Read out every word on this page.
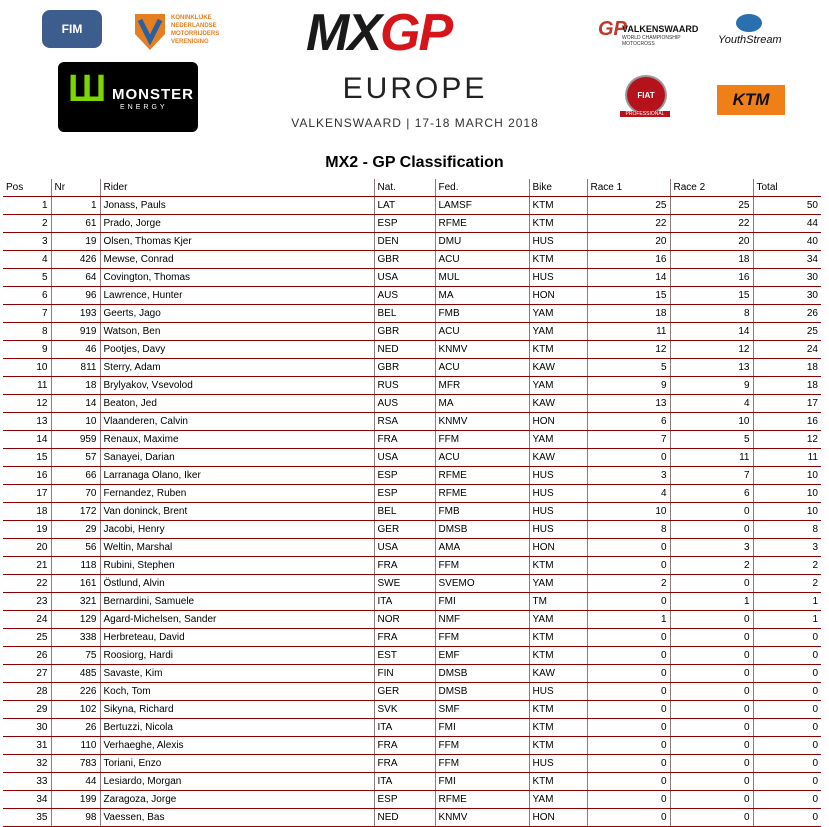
FIM
KONINKLIJKE NEDERLANDSE MOTORRIJDERS VERENIGING
Ш MONSTER
ENERGY
MXGP
EUROPE
VALKENSWAARD | 17-18 MARCH 2018
GP
VALKENSWAARD
WORLD CHAMPIONSHIP MOTOCROSS	YouthStream
FIAT
PROFESSIONAL
KTM
MX2 - GP Classification
Pos	Nr	Rider	Nat.	Fed.	Bike	Race 1	Race 2	Total
1	1	Jonass, Pauls	LAT	LAMSF	KTM	25	25	50
2	61	Prado, Jorge	ESP	RFME	KTM	22	22	44
3	19	Olsen, Thomas Kjer	DEN	DMU	HUS	20	20	40
4	426	Mewse, Conrad	GBR	ACU	KTM	16	18	34
5	64	Covington, Thomas	USA	MUL	HUS	14	16	30
6	96	Lawrence, Hunter	AUS	MA	HON	15	15	30
7	193	Geerts, Jago	BEL	FMB	YAM	18	8	26
8	919	Watson, Ben	GBR	ACU	YAM	11	14	25
9	46	Pootjes, Davy	NED	KNMV	KTM	12	12	24
10	811	Sterry, Adam	GBR	ACU	KAW	5	13	18
11	18	Brylyakov, Vsevolod	RUS	MFR	YAM	9	9	18
12	14	Beaton, Jed	AUS	MA	KAW	13	4	17
13	10	Vlaanderen, Calvin	RSA	KNMV	HON	6	10	16
14	959	Renaux, Maxime	FRA	FFM	YAM	7	5	12
15	57	Sanayei, Darian	USA	ACU	KAW	0	11	11
16	66	Larranaga Olano, Iker	ESP	RFME	HUS	3	7	10
17	70	Fernandez, Ruben	ESP	RFME	HUS	4	6	10
18	172	Van doninck, Brent	BEL	FMB	HUS	10	0	10
19	29	Jacobi, Henry	GER	DMSB	HUS	8	0	8
20	56	Weltin, Marshal	USA	AMA	HON	0	3	3
21	118	Rubini, Stephen	FRA	FFM	KTM	0	2	2
22	161	Östlund, Alvin	SWE	SVEMO	YAM	2	0	2
23	321	Bernardini, Samuele	ITA	FMI	TM	0	1	1
24	129	Agard-Michelsen, Sander	NOR	NMF	YAM	1	0	1
25	338	Herbreteau, David	FRA	FFM	KTM	0	0	0
26	75	Roosiorg, Hardi	EST	EMF	KTM	0	0	0
27	485	Savaste, Kim	FIN	DMSB	KAW	0	0	0
28	226	Koch, Tom	GER	DMSB	HUS	0	0	0
29	102	Sikyna, Richard	SVK	SMF	KTM	0	0	0
30	26	Bertuzzi, Nicola	ITA	FMI	KTM	0	0	0
31	110	Verhaeghe, Alexis	FRA	FFM	KTM	0	0	0
32	783	Toriani, Enzo	FRA	FFM	HUS	0	0	0
33	44	Lesiardo, Morgan	ITA	FMI	KTM	0	0	0
34	199	Zaragoza, Jorge	ESP	RFME	YAM	0	0	0
35	98	Vaessen, Bas	NED	KNMV	HON	0	0	0
